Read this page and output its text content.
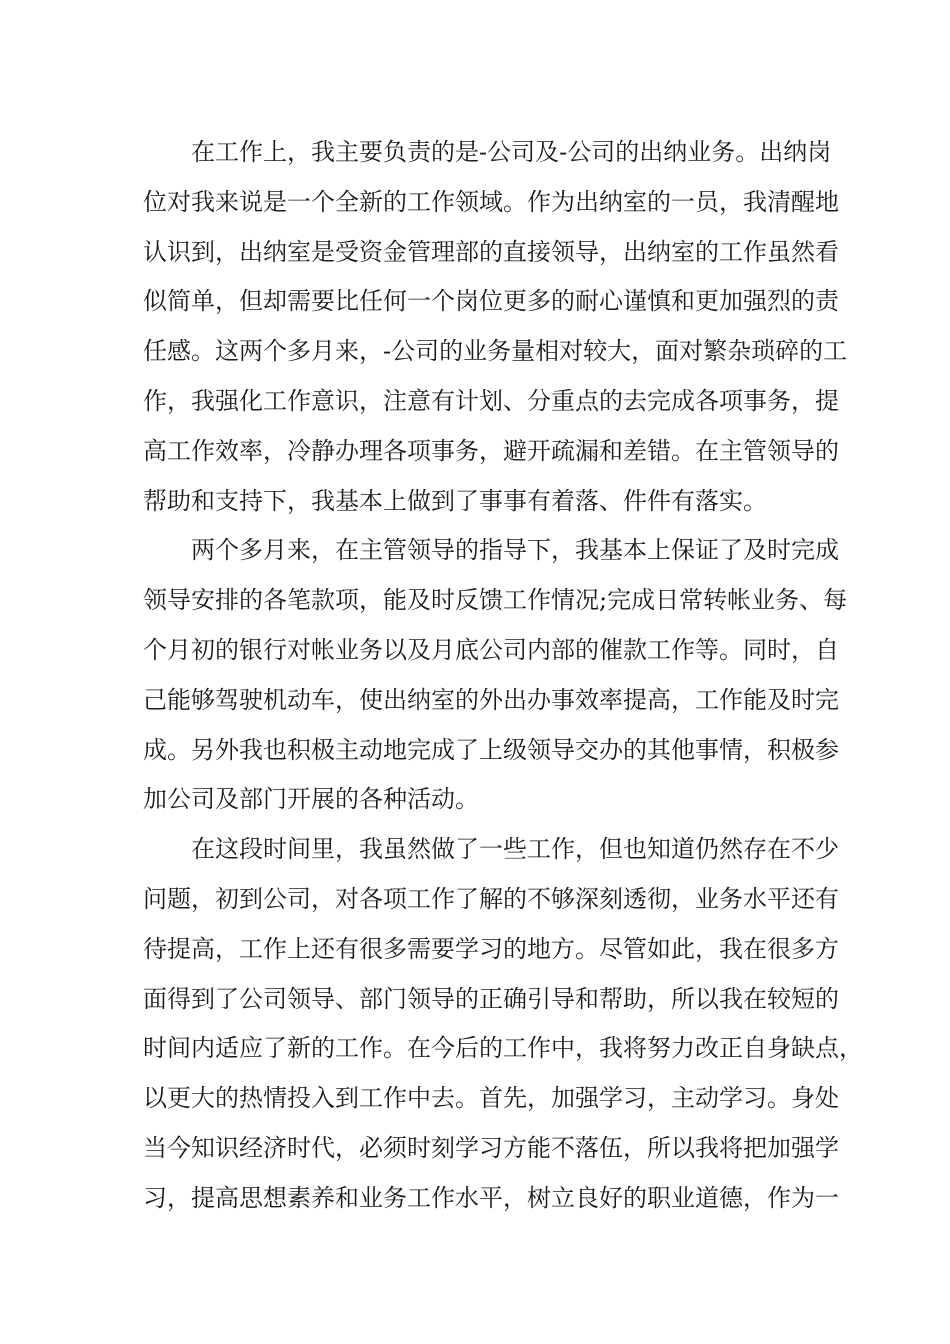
在工作上，我主要负责的是-公司及-公司的出纳业务。出纳岗
位对我来说是一个全新的工作领域。作为出纳室的一员，我清醒地
认识到，出纳室是受资金管理部的直接领导，出纳室的工作虽然看
似简单，但却需要比任何一个岗位更多的耐心谨慎和更加强烈的责
任感。这两个多月来，-公司的业务量相对较大，面对繁杂琐碎的工
作，我强化工作意识，注意有计划、分重点的去完成各项事务，提
高工作效率，冷静办理各项事务，避开疏漏和差错。在主管领导的
帮助和支持下，我基本上做到了事事有着落、件件有落实。
两个多月来，在主管领导的指导下，我基本上保证了及时完成
领导安排的各笔款项，能及时反馈工作情况;完成日常转帐业务、每
个月初的银行对帐业务以及月底公司内部的催款工作等。同时，自
己能够驾驶机动车，使出纳室的外出办事效率提高，工作能及时完
成。另外我也积极主动地完成了上级领导交办的其他事情，积极参
加公司及部门开展的各种活动。
在这段时间里，我虽然做了一些工作，但也知道仍然存在不少
问题，初到公司，对各项工作了解的不够深刻透彻，业务水平还有
待提高，工作上还有很多需要学习的地方。尽管如此，我在很多方
面得到了公司领导、部门领导的正确引导和帮助，所以我在较短的
时间内适应了新的工作。在今后的工作中，我将努力改正自身缺点，
以更大的热情投入到工作中去。首先，加强学习，主动学习。身处
当今知识经济时代，必须时刻学习方能不落伍，所以我将把加强学
习，提高思想素养和业务工作水平，树立良好的职业道德，作为一
